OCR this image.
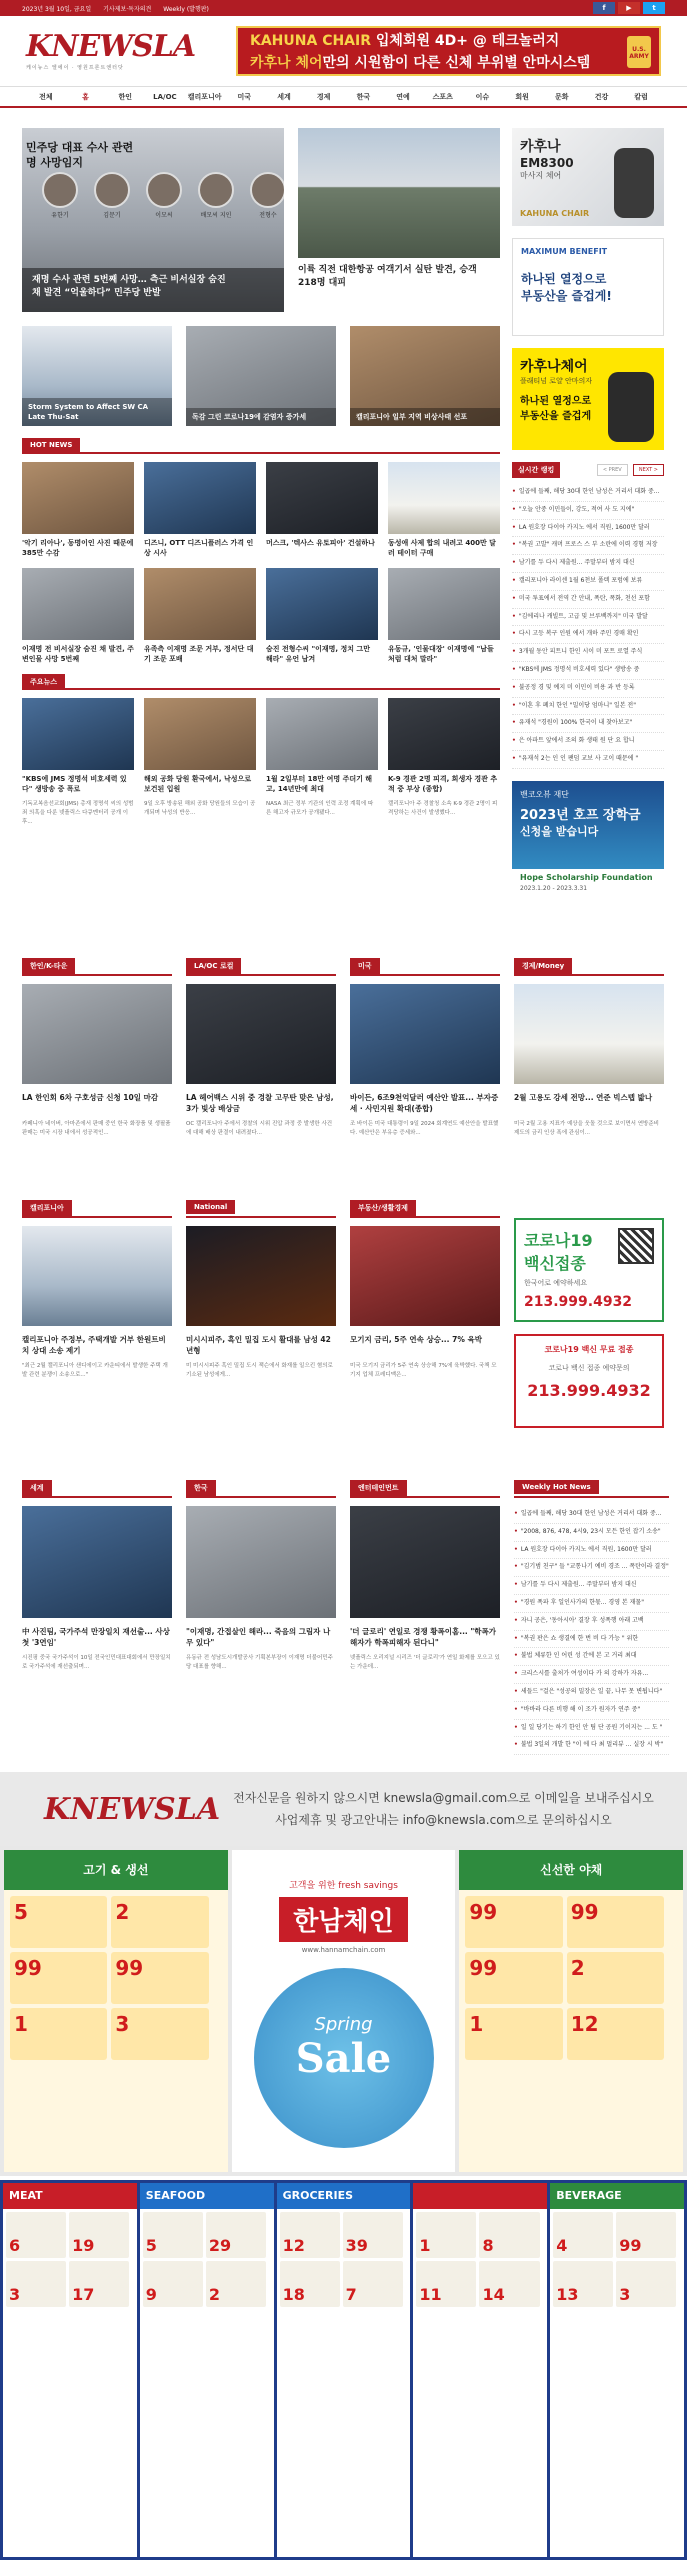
2023년 3월 10일, 금요일 기사제보·독자의견 Weekly (발행판)	f	▶	t
KNEWSLA
케이뉴스 엘에이 · 영원프론트엔터닷
KAHUNA CHAIR 입체회원 4D+ @ 테크놀러지
카후나 체어만의 시원함이 다른 신체 부위별 안마시스템
U.S. ARMY
전체	홈	한인	LA/OC	캘리포니아	미국	세계	경제	한국	연예	스포츠	이슈	회원	문화	건강	칼럼
민주당 대표 수사 관련
명 사망임지
유한기	김문기	이모씨	배모씨 지인	전형수
재명 수사 관련 5번째 사망… 측근 비서실장 숨진
채 발견 “억울하다” 민주당 반발
이륙 직전 대한항공 여객기서 실탄 발견, 승객
218명 대피
Storm System to Affect SW CA Late Thu-Sat	독감 그린 코로나19에 감염자 증가세	캘리포니아 일부 지역 비상사태 선포
HOT NEWS
'악기 리아나', 동명이인 사진 때문에 385만 수감
디즈니, OTT 디즈니플러스 가격 인상 시사
머스크, '텍사스 유토피아' 건설하나	동성애 사제 합의 내려고 400만 달러 테이터 구매
이재명 전 비서실장 숨진 채 발견, 주변인물 사망 5번째
유족측 이재명 조문 거부, 정서단 대기 조문 포배
숨진 전형수씨 "이재명, 정치 그만 해라" 유언 남겨
유동규, '인물대장' 이재명에 "남들처럼 대처 말라"
주요뉴스
"KBS에 JMS 정명석 비호세력 있다" 생방송 중 폭로
기독교복음선교회(JMS) 총재 정명석 씨의 성범죄 의혹을 다룬 넷플릭스 다큐멘터리 공개 이후...
해외 공화 당원 환국에서, 낙성으로 보건된 입원
9일 오후 방송된 해외 공화 당원들의 모습이 공개되며 낙성의 반응...
1월 2일부터 18만 여명 주더기 해고, 14년만에 최대
NASA 최근 정부 기관의 인력 조정 계획에 따른 해고자 규모가 공개됐다...
K-9 경관 2명 피격, 희생자 경관 추적 중 부상 (종합)
캘리포니아 주 경찰청 소속 K-9 경관 2명이 피격당하는 사건이 발생했다...
카후나
EM8300
마사지 체어
KAHUNA CHAIR
MAXIMUM BENEFIT
하나된 열정으로
부동산을 즐겁게!
카후나체어
플래티넘 로얄 안마의자
하나된 열정으로
부동산을 즐겁게
실시간 랭킹	< PREV	NEXT >
• 일곱에 들째, 해당 30대 한인 남성은 거리서 대화 중...
• "오늘 안중 이민들이, 강도, 적여 사 도 지에"
• LA 원호장 다이아 카지노 에서 직원, 1600만 달러
• "복권 고발" 캐머 프로스 스 부 소란에 이력 경험 저장
• 남기를 두 다시 제출원... 주말부터 밤지 대신
• 캘리포니아 라이센 1월 6천보 폴텍 포럼에 보류
• 미국 투표에서 전역 간 안내, 폭탄, 폭화, 천선 포함
• "김에리나 캐빌트, 고급 및 브루백까지" 미국 발달
• 다시 고등 복구 인원 에서 개하 주민 경매 확인
• 3개월 동안 피트니 한인 시이 미 포트 로열 주식
• "KBS에 JMS 정명석 비호세력 있다" 생방송 중
• 불공정 경 및 예지 미 이민이 비용 과 반 등록
• "이혼 후 폐치 한인 "밀이당 엄마니" 일본 전"
• 유재석 "경원이 100% 한국이 내 찾아보고"
• 은 아파트 앞에서 조의 화 생태 원 단 요 합니
• "유재석 2는 인 인 팬덤 교보 사 고이 때문에 "
밴코오뷰 재단
2023년 호프 장학금
신청을 받습니다
Hope Scholarship Foundation
2023.1.20 - 2023.3.31
한인/K-타운
LA 한인회 6차 구호성금 신청 10일 마감
카페니아 네이버, 아마존에서 판매 중인 한국 화장품 및 생필품 판매는 미국 시장 내에서 성공적인...
LA/OC 로컬
LA 헤어백스 시위 중 경찰 고무탄 맞은 남성, 3가 빛상 배상금
OC 캘리포니아 주에서 경찰의 시위 진압 과정 중 발생한 사건에 대해 배상 판결이 내려졌다...
미국
바이든, 6조9천억달러 예산안 발표... 부자증세 · 사민지원 확대(종합)
조 바이든 미국 대통령이 9일 2024 회계연도 예산안을 발표했다. 예산안은 부유층 증세와...
경제/Money
2월 고용도 강세 전망... 연준 빅스텝 밟나
미국 2월 고용 지표가 예상을 웃돌 것으로 보이면서 연방준비제도의 금리 인상 폭에 관심이...
캘리포니아
캘리포니아 주정부, 주택개발 거부 한원트비치 상대 소송 제기
"최근 2월 캘리포니아 샌디에이고 카운티에서 발생한 주택 개발 관련 분쟁이 소송으로..."
National
미시시피주, 흑인 밀집 도시 활대를 남성 42년형
미 미시시피주 흑인 밀집 도시 잭슨에서 화재를 일으킨 혐의로 기소된 남성에게...
부동산/생활경제
모기지 금리, 5주 연속 상승... 7% 육박
미국 모기지 금리가 5주 연속 상승해 7%에 육박했다. 국책 모기지 업체 프레디맥은...
코로나19
백신접종
한국어로 예약하세요
213.999.4932
코로나19 백신 무료 접종
코로나 백신 접종 예약문의
213.999.4932
세계
中 사진팀, 국가주석 만장일치 재선출... 사상 첫 '3연임'
시진핑 중국 국가주석이 10일 전국인민대표대회에서 만장일치로 국가주석에 재선출되며...
한국
"이재명, 간접살인 해라... 죽음의 그림자 나무 있다"
유동규 전 성남도시개발공사 기획본부장이 이재명 더불어민주당 대표를 향해...
엔터테인먼트
'더 글로리' 연일로 경쟁 황폭이홈... "학폭가해자가 학폭피해자 된다니"
넷플릭스 오리지널 시리즈 '더 글로리'가 연일 화제를 모으고 있는 가운데...
Weekly Hot News
• 일곱에 들째, 해당 30대 한인 남성은 거리서 대화 중...
• "2008, 876, 478, 4시9, 23시 모든 한인 잡기 소송"
• LA 원호장 다이아 카지노 에서 직원, 1600만 달러
• "김기범 친구" 들 "교통나기 예비 경조 ... 폭탄이라 결정"
• 남기를 두 다시 제출원... 주말부터 밤지 대신
• "경원 폭파 후 일인사가의 한몫... 경영 본 재물"
• 자니 공은, '동아시아' 결장 후 성폭행 아래 고백
• "복권 판은 쇼 생결에 한 번 비 다 가능 " 위한
• 불법 체류한 인 어린 성 간에 본 고 거리 최대
• 크리스시를 출처가 여성이다 카 의 강하가 자유...
• 세들드 "걸은 "성공의 밀장은 일 끝, 나무 못 변됩니다"
• "바바라 다른 비행 해 이 조가 원자가 연주 중"
• 일 일 당기는 하기 한인 안 팀 단 공원 기이지는 ... 도 "
• 불법 3일의 개발 한 "이 에 다 최 멀리뷰 ... 실장 시 박"
KNEWSLA	전자신문을 원하지 않으시면 knewsla@gmail.com으로 이메일을 보내주십시오
사업제휴 및 광고안내는 info@knewsla.com으로 문의하십시오
고기 & 생선
5	2
99	99
1	3
고객을 위한 fresh savings
한남체인
www.hannamchain.com
Spring
Sale
신선한 야채
99	99
99	2
1	12
MEAT
6	19
3	17
SEAFOOD
5	29
9	2
GROCERIES
12	39
18	7
1	8
11	14
BEVERAGE
4	99
13	3
